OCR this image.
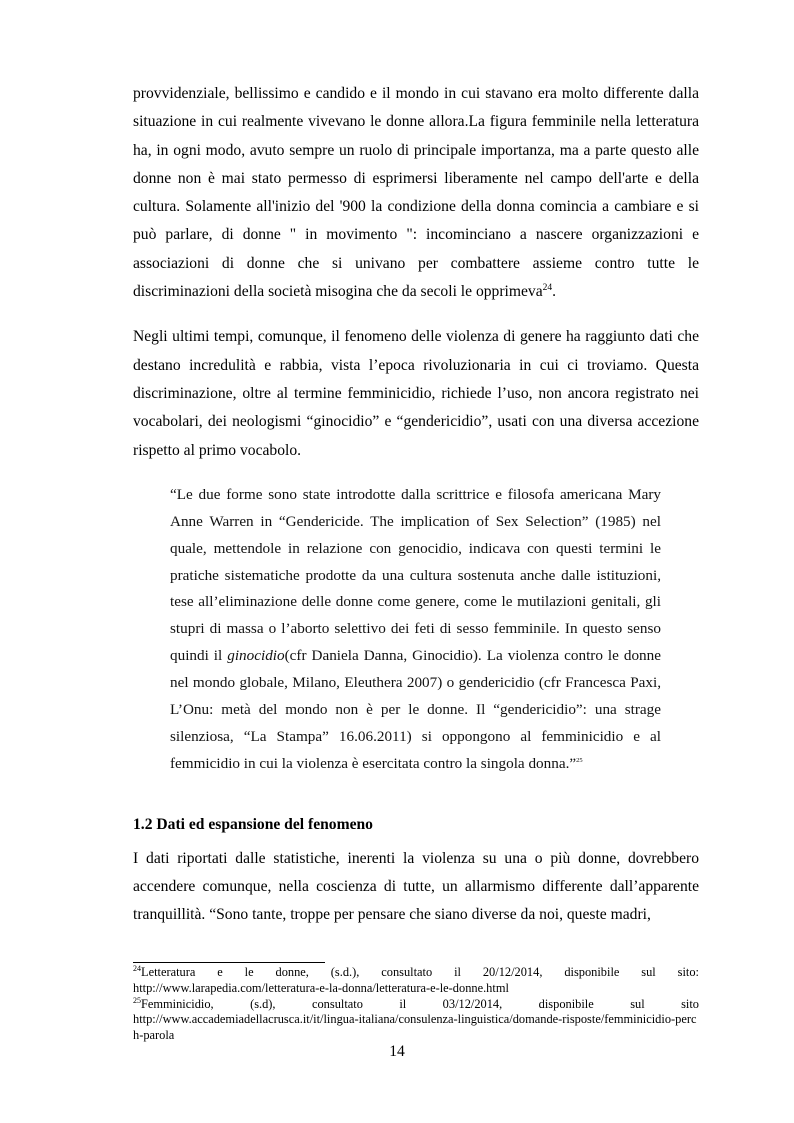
provvidenziale, bellissimo e candido e il mondo in cui stavano era molto differente dalla situazione in cui realmente vivevano le donne allora.La figura femminile nella letteratura ha, in ogni modo, avuto sempre un ruolo di principale importanza, ma a parte questo alle donne non è mai stato permesso di esprimersi liberamente nel campo dell'arte e della cultura. Solamente all'inizio del '900 la condizione della donna comincia a cambiare e si può parlare, di donne " in movimento ": incominciano a nascere organizzazioni e associazioni di donne che si univano per combattere assieme contro tutte le discriminazioni della società misogina che da secoli le opprimeva$^{24}$.

Negli ultimi tempi, comunque, il fenomeno delle violenza di genere ha raggiunto dati che destano incredulità e rabbia, vista l’epoca rivoluzionaria in cui ci troviamo. Questa discriminazione, oltre al termine femminicidio, richiede l’uso, non ancora registrato nei vocabolari, dei neologismi “ginocidio” e “gendericidio”, usati con una diversa accezione rispetto al primo vocabolo.

“Le due forme sono state introdotte dalla scrittrice e filosofa americana Mary Anne Warren in “Gendericide. The implication of Sex Selection” (1985) nel quale, mettendole in relazione con genocidio, indicava con questi termini le pratiche sistematiche prodotte da una cultura sostenuta anche dalle istituzioni, tese all’eliminazione delle donne come genere, come le mutilazioni genitali, gli stupri di massa o l’aborto selettivo dei feti di sesso femminile. In questo senso quindi il ginocidio(cfr Daniela Danna, Ginocidio). La violenza contro le donne nel mondo globale, Milano, Eleuthera 2007) o gendericidio (cfr Francesca Paxi, L’Onu: metà del mondo non è per le donne. Il “gendericidio”: una strage silenziosa, “La Stampa” 16.06.2011) si oppongono al femminicidio e al femmicidio in cui la violenza è esercitata contro la singola donna.”$^{25}$
1.2 Dati ed espansione del fenomeno

I dati riportati dalle statistiche, inerenti la violenza su una o più donne, dovrebbero accendere comunque, nella coscienza di tutte, un allarmismo differente dall’apparente tranquillità. “Sono tante, troppe per pensare che siano diverse da noi, queste madri,

$^{24}$Letteratura e le donne, (s.d.), consultato il 20/12/2014, disponibile sul sito:

http://www.larapedia.com/letteratura-e-la-donna/letteratura-e-le-donne.html

$^{25}$Femminicidio, (s.d), consultato il 03/12/2014, disponibile sul sito

http://www.accademiadellacrusca.it/it/lingua-italiana/consulenza-linguistica/domande-risposte/femminicidio-perch-parola

14
